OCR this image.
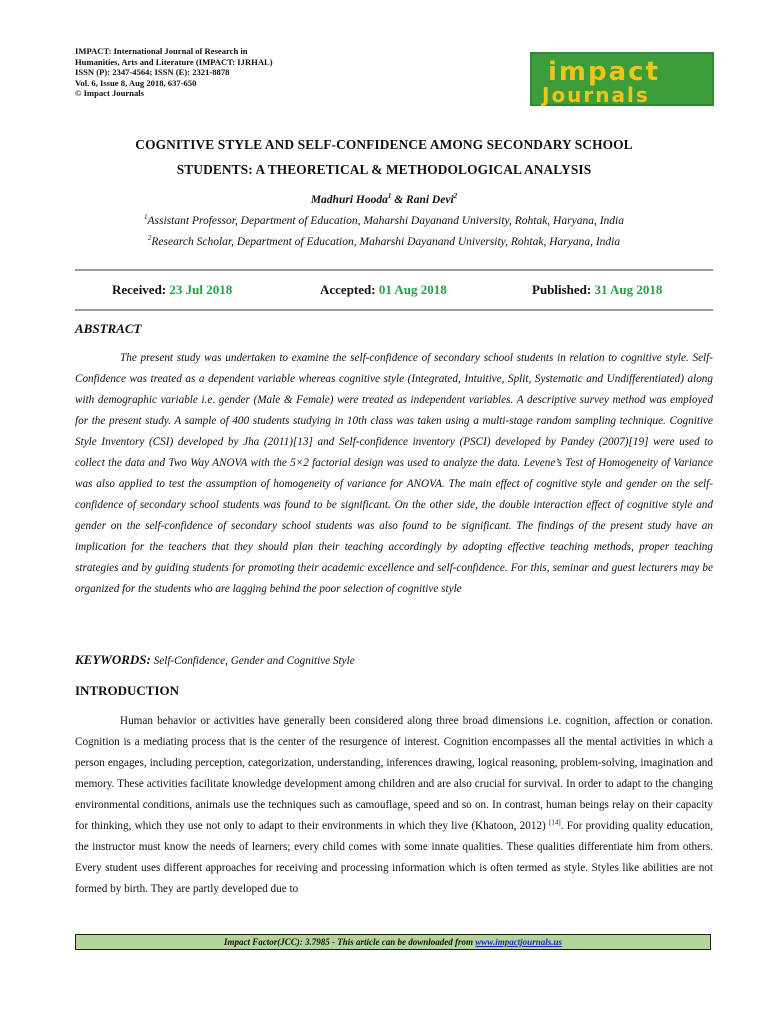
IMPACT: International Journal of Research in
Humanities, Arts and Literature (IMPACT: IJRHAL)
ISSN (P): 2347-4564; ISSN (E): 2321-8878
Vol. 6, Issue 8, Aug 2018, 637-650
© Impact Journals
impact
Journals
COGNITIVE STYLE AND SELF-CONFIDENCE AMONG SECONDARY SCHOOL
STUDENTS: A THEORETICAL & METHODOLOGICAL ANALYSIS
Madhuri Hooda$^1$ & Rani Devi$^2$
$^1$Assistant Professor, Department of Education, Maharshi Dayanand University, Rohtak, Haryana, India
$^2$Research Scholar, Department of Education, Maharshi Dayanand University, Rohtak, Haryana, India
Received: 23 Jul 2018	Accepted: 01 Aug 2018	Published: 31 Aug 2018
ABSTRACT
The present study was undertaken to examine the self-confidence of secondary school students in relation to cognitive style. Self-Confidence was treated as a dependent variable whereas cognitive style (Integrated, Intuitive, Split, Systematic and Undifferentiated) along with demographic variable i.e. gender (Male & Female) were treated as independent variables. A descriptive survey method was employed for the present study. A sample of 400 students studying in 10th class was taken using a multi-stage random sampling technique. Cognitive Style Inventory (CSI) developed by Jha (2011)[13] and Self-confidence inventory (PSCI) developed by Pandey (2007)[19] were used to collect the data and Two Way ANOVA with the 5×2 factorial design was used to analyze the data. Levene’s Test of Homogeneity of Variance was also applied to test the assumption of homogeneity of variance for ANOVA. The main effect of cognitive style and gender on the self-confidence of secondary school students was found to be significant. On the other side, the double interaction effect of cognitive style and gender on the self-confidence of secondary school students was also found to be significant. The findings of the present study have an implication for the teachers that they should plan their teaching accordingly by adopting effective teaching methods, proper teaching strategies and by guiding students for promoting their academic excellence and self-confidence. For this, seminar and guest lecturers may be organized for the students who are lagging behind the poor selection of cognitive style
KEYWORDS: Self-Confidence, Gender and Cognitive Style
INTRODUCTION
Human behavior or activities have generally been considered along three broad dimensions i.e. cognition, affection or conation. Cognition is a mediating process that is the center of the resurgence of interest. Cognition encompasses all the mental activities in which a person engages, including perception, categorization, understanding, inferences drawing, logical reasoning, problem-solving, imagination and memory. These activities facilitate knowledge development among children and are also crucial for survival. In order to adapt to the changing environmental conditions, animals use the techniques such as camouflage, speed and so on. In contrast, human beings relay on their capacity for thinking, which they use not only to adapt to their environments in which they live (Khatoon, 2012) [14]. For providing quality education, the instructor must know the needs of learners; every child comes with some innate qualities. These qualities differentiate him from others. Every student uses different approaches for receiving and processing information which is often termed as style. Styles like abilities are not formed by birth. They are partly developed due to
Impact Factor(JCC): 3.7985 - This article can be downloaded from www.impactjournals.us
